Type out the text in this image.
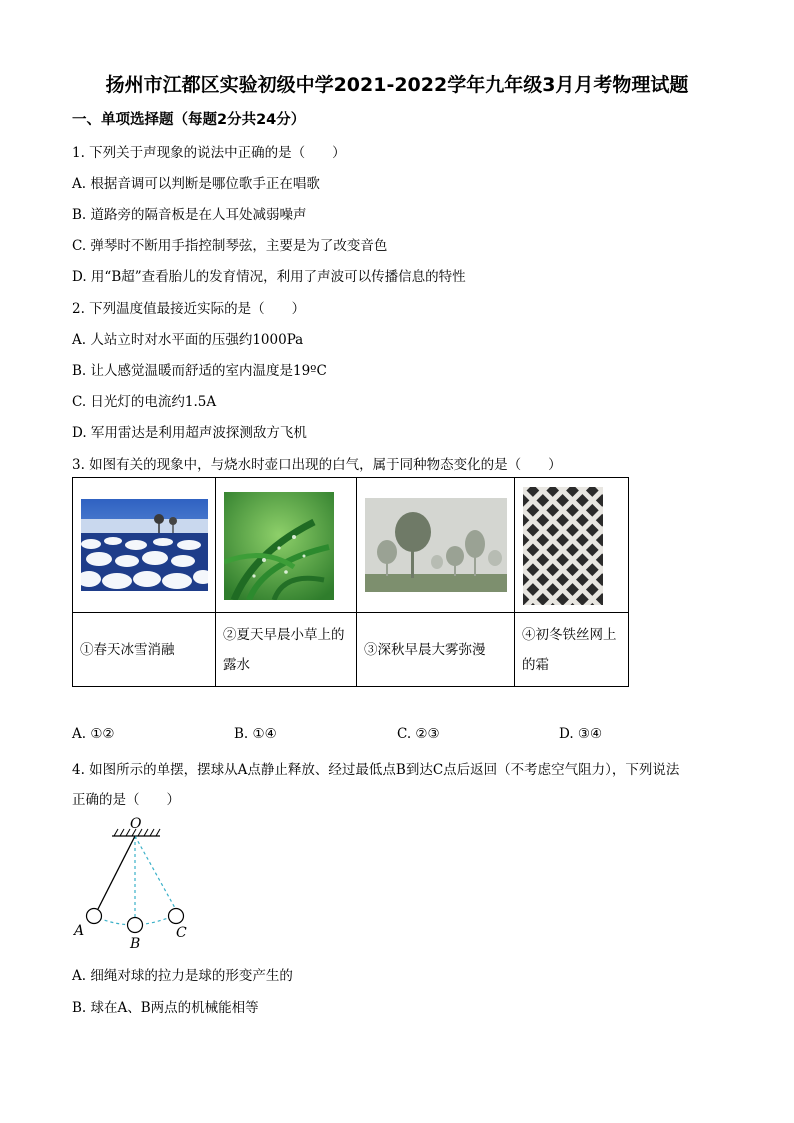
扬州市江都区实验初级中学2021-2022学年九年级3月月考物理试题
一、单项选择题（每题2分共24分）
1. 下列关于声现象的说法中正确的是（　　）
A. 根据音调可以判断是哪位歌手正在唱歌
B. 道路旁的隔音板是在人耳处减弱噪声
C. 弹琴时不断用手指控制琴弦，主要是为了改变音色
D. 用“B超”查看胎儿的发育情况，利用了声波可以传播信息的特性
2. 下列温度值最接近实际的是（　　）
A. 人站立时对水平面的压强约1000Pa
B. 让人感觉温暖而舒适的室内温度是19ºC
C. 日光灯的电流约1.5A
D. 军用雷达是利用超声波探测敌方飞机
3. 如图有关的现象中，与烧水时壶口出现的白气，属于同种物态变化的是（　　）

①春天冰雪消融	②夏天早晨小草上的露水	③深秋早晨大雾弥漫	④初冬铁丝网上的霜
A. ①②	B. ①④	C. ②③	D. ③④
4. 如图所示的单摆，摆球从A点静止释放、经过最低点B到达C点后返回（不考虑空气阻力），下列说法
正确的是（　　）
O
A
B
C
A. 细绳对球的拉力是球的形变产生的
B. 球在A、B两点的机械能相等
